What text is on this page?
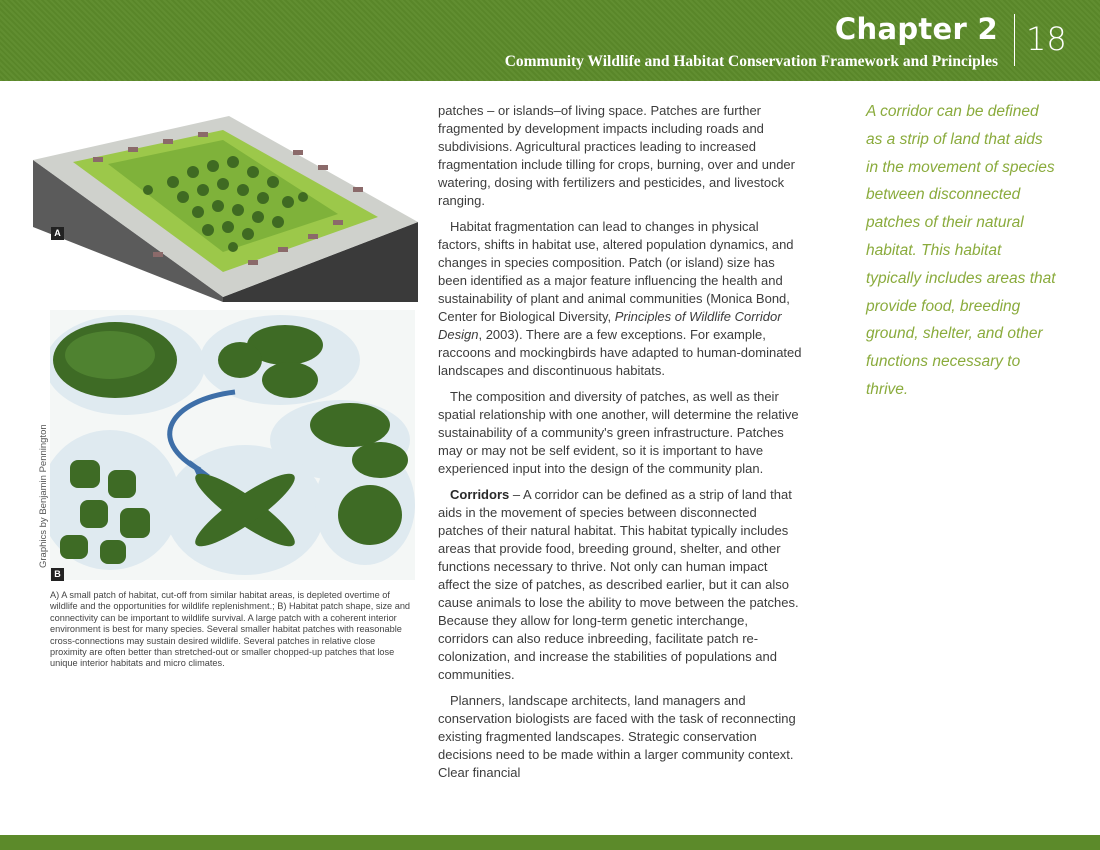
Chapter 2 18
Community Wildlife and Habitat Conservation Framework and Principles
A
B
Graphics by Benjamin Pennington
A) A small patch of habitat, cut-off from similar habitat areas, is depleted overtime of wildlife and the opportunities for wildlife replenishment.; B) Habitat patch shape, size and connectivity can be important to wildlife survival. A large patch with a coherent interior environment is best for many species. Several smaller habitat patches with reasonable cross-connections may sustain desired wildlife. Several patches in relative close proximity are often better than stretched-out or smaller chopped-up patches that lose unique interior habitats and micro climates.

patches – or islands–of living space. Patches are further fragmented by development impacts including roads and subdivisions. Agricultural practices leading to increased fragmentation include tilling for crops, burning, over and under watering, dosing with fertilizers and pesticides, and livestock ranging.

Habitat fragmentation can lead to changes in physical factors, shifts in habitat use, altered population dynamics, and changes in species composition. Patch (or island) size has been identified as a major feature influencing the health and sustainability of plant and animal communities (Monica Bond, Center for Biological Diversity, Principles of Wildlife Corridor Design, 2003). There are a few exceptions. For example, raccoons and mockingbirds have adapted to human-dominated landscapes and discontinuous habitats.

The composition and diversity of patches, as well as their spatial relationship with one another, will determine the relative sustainability of a community's green infrastructure. Patches may or may not be self evident, so it is important to have experienced input into the design of the community plan.

Corridors – A corridor can be defined as a strip of land that aids in the movement of species between disconnected patches of their natural habitat. This habitat typically includes areas that provide food, breeding ground, shelter, and other functions necessary to thrive. Not only can human impact affect the size of patches, as described earlier, but it can also cause animals to lose the ability to move between the patches. Because they allow for long-term genetic interchange, corridors can also reduce inbreeding, facilitate patch re-colonization, and increase the stabilities of populations and communities.

Planners, landscape architects, land managers and conservation biologists are faced with the task of reconnecting existing fragmented landscapes. Strategic conservation decisions need to be made within a larger community context. Clear financial

A corridor can be defined as a strip of land that aids in the movement of species between disconnected patches of their natural habitat. This habitat typically includes areas that provide food, breeding ground, shelter, and other functions necessary to thrive.
